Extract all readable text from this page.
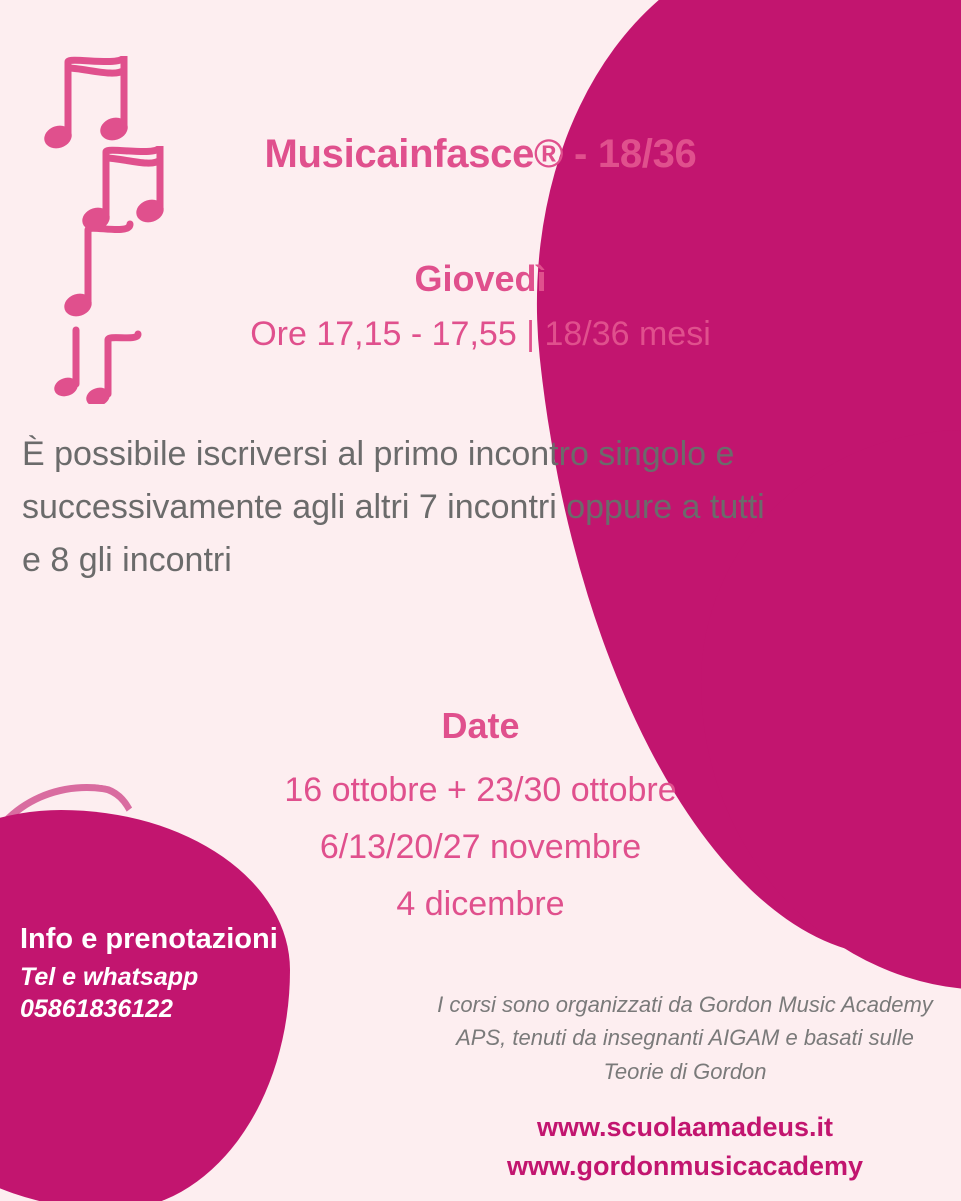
Musicainfasce® - 18/36
Giovedì
Ore 17,15 - 17,55 | 18/36 mesi
È possibile iscriversi al primo incontro singolo e successivamente agli altri 7 incontri oppure a tutti e 8 gli incontri
Date
16 ottobre + 23/30 ottobre
6/13/20/27 novembre
4 dicembre
Info e prenotazioni
Tel e whatsapp
05861836122	I corsi sono organizzati da Gordon Music Academy APS, tenuti da insegnanti AIGAM e basati sulle Teorie di Gordon
www.scuolaamadeus.it
www.gordonmusicacademy
